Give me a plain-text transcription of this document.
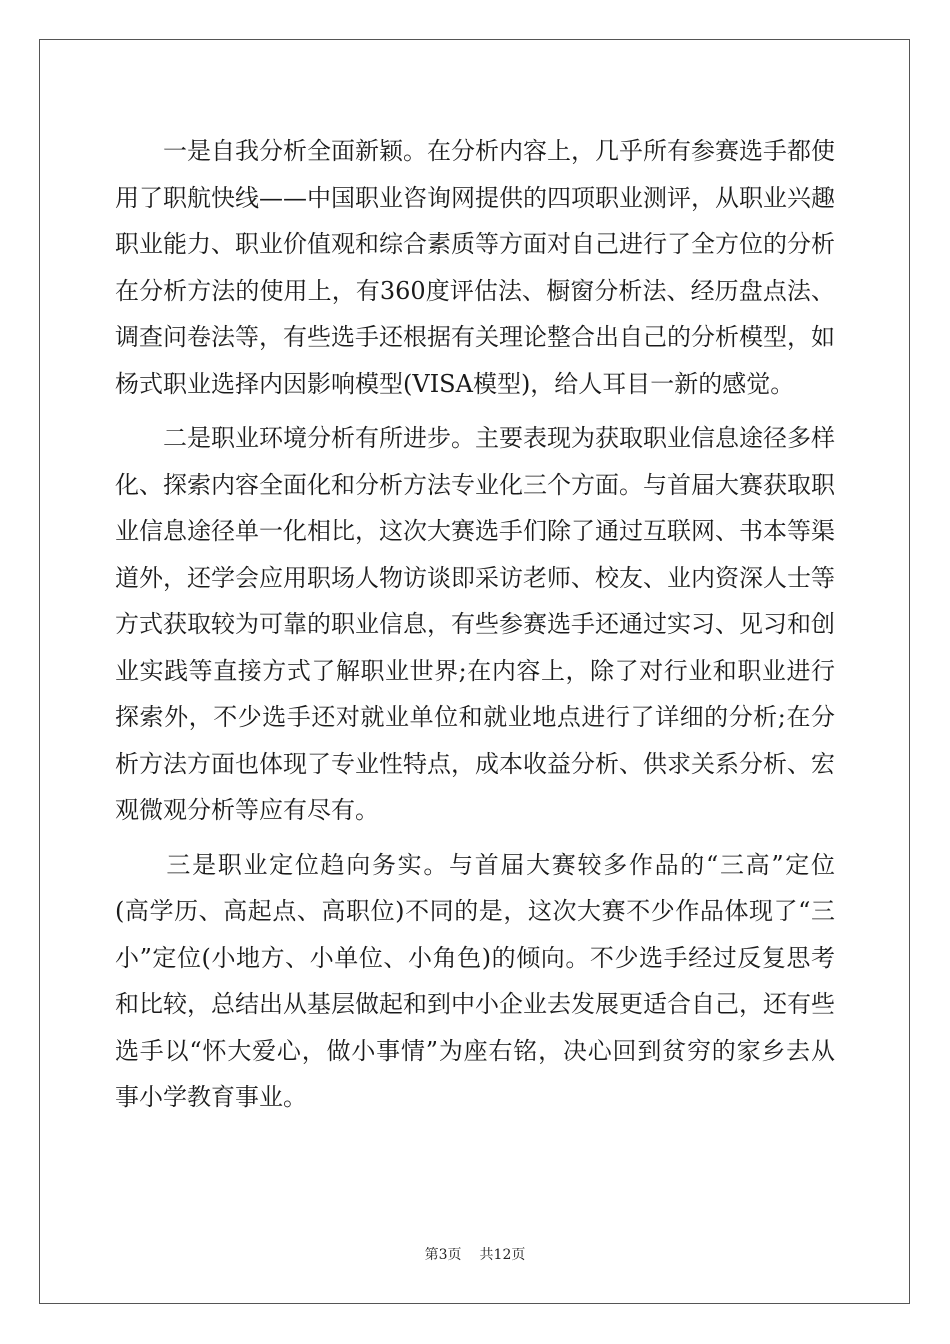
　　一是自我分析全面新颖。在分析内容上，几乎所有参赛选手都使
用了职航快线——中国职业咨询网提供的四项职业测评，从职业兴趣
职业能力、职业价值观和综合素质等方面对自己进行了全方位的分析
在分析方法的使用上，有360度评估法、橱窗分析法、经历盘点法、
调查问卷法等，有些选手还根据有关理论整合出自己的分析模型，如
杨式职业选择内因影响模型(VISA模型)，给人耳目一新的感觉。
　　二是职业环境分析有所进步。主要表现为获取职业信息途径多样
化、探索内容全面化和分析方法专业化三个方面。与首届大赛获取职
业信息途径单一化相比，这次大赛选手们除了通过互联网、书本等渠
道外，还学会应用职场人物访谈即采访老师、校友、业内资深人士等
方式获取较为可靠的职业信息，有些参赛选手还通过实习、见习和创
业实践等直接方式了解职业世界;在内容上，除了对行业和职业进行
探索外，不少选手还对就业单位和就业地点进行了详细的分析;在分
析方法方面也体现了专业性特点，成本收益分析、供求关系分析、宏
观微观分析等应有尽有。
　　三是职业定位趋向务实。与首届大赛较多作品的“三高”定位
(高学历、高起点、高职位)不同的是，这次大赛不少作品体现了“三
小”定位(小地方、小单位、小角色)的倾向。不少选手经过反复思考
和比较，总结出从基层做起和到中小企业去发展更适合自己，还有些
选手以“怀大爱心，做小事情”为座右铭，决心回到贫穷的家乡去从
事小学教育事业。
第3页 共12页
